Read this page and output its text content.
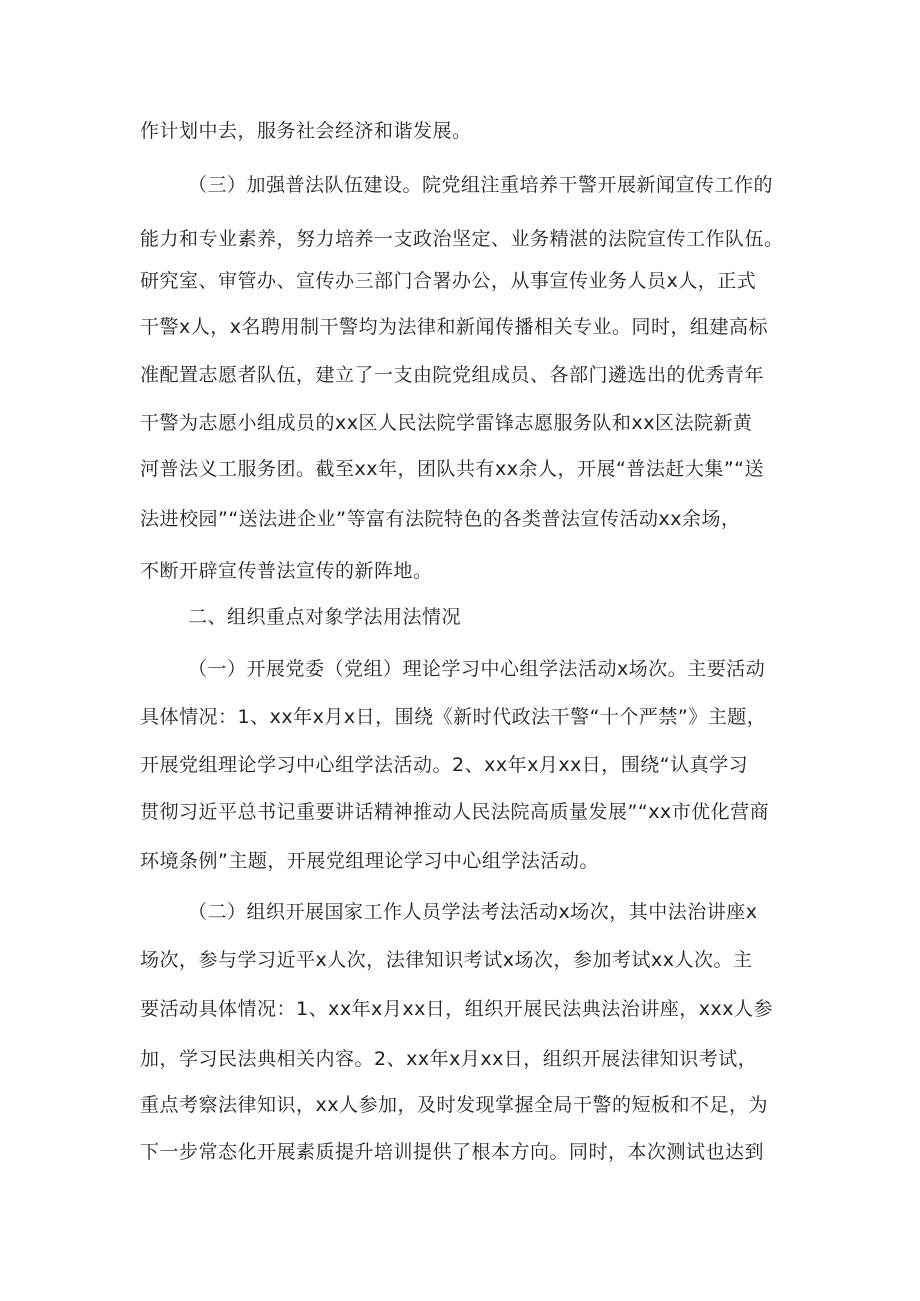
作计划中去，服务社会经济和谐发展。
（三）加强普法队伍建设。院党组注重培养干警开展新闻宣传工作的
能力和专业素养，努力培养一支政治坚定、业务精湛的法院宣传工作队伍。
研究室、审管办、宣传办三部门合署办公，从事宣传业务人员x人，正式
干警x人，x名聘用制干警均为法律和新闻传播相关专业。同时，组建高标
准配置志愿者队伍，建立了一支由院党组成员、各部门遴选出的优秀青年
干警为志愿小组成员的xx区人民法院学雷锋志愿服务队和xx区法院新黄
河普法义工服务团。截至xx年，团队共有xx余人，开展“普法赶大集”“送
法进校园”“送法进企业”等富有法院特色的各类普法宣传活动xx余场，
不断开辟宣传普法宣传的新阵地。
二、组织重点对象学法用法情况
（一）开展党委（党组）理论学习中心组学法活动x场次。主要活动
具体情况：1、xx年x月x日，围绕《新时代政法干警“十个严禁”》主题，
开展党组理论学习中心组学法活动。2、xx年x月xx日，围绕“认真学习
贯彻习近平总书记重要讲话精神推动人民法院高质量发展”“xx市优化营商
环境条例”主题，开展党组理论学习中心组学法活动。
（二）组织开展国家工作人员学法考法活动x场次，其中法治讲座x
场次，参与学习近平x人次，法律知识考试x场次，参加考试xx人次。主
要活动具体情况：1、xx年x月xx日，组织开展民法典法治讲座，xxx人参
加，学习民法典相关内容。2、xx年x月xx日，组织开展法律知识考试，
重点考察法律知识，xx人参加，及时发现掌握全局干警的短板和不足，为
下一步常态化开展素质提升培训提供了根本方向。同时，本次测试也达到
